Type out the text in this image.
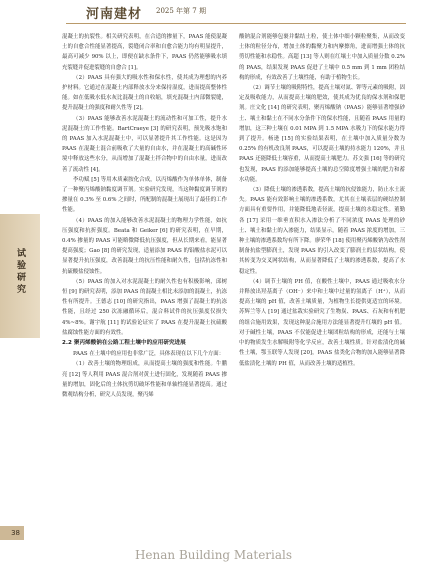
河南建材 2025 年第 7 期
试验研究

混凝土的抗裂性。相关研究表明，在合适的掺量下，PAAS 能使混凝土的自愈合性能显著提高，裂缝闭合率和自愈合能力均有明显提升，最高可减少 90% 以上，即便在缺水条件下，PAAS 仍然能够吸水填充裂缝并促进裂缝的自愈合 [1]。

（2）PAAS 具有强大的吸水性和保水性，使其成为理想的内养护材料。它通过在混凝土内部释放水分来保持湿度，进而提高整体性能。如在低吸水低水灰比混凝土的自收缩，填充混凝土内部微裂缝，提升混凝土的强度和耐久性等 [2]。

（3）PAAS 能够改善水泥混凝土的流动性和可加工性，提升水泥混凝土的工作性能。BartCraeye [3] 的研究表明，预先吸水饱和的 PAAS 加入水泥混凝土中，可以显著提升其工作性能。这是因为 PAAS 在混凝土混合前吸收了大量的自由水，并在混凝土的高碱性环境中释放这些水分，从而增加了混凝土拌合物中的自由水量，进而改善了流动性 [4]。

李功赋 [5] 等用木质素胺化合成，以丙烯酸作为单体单体，制备了一种聚丙烯酸钠黏度调节剂。实验研究发现，当这种黏度调节剂的掺量在 0.3% 至 0.6% 之间时，所配制的混凝土展现出了最佳的工作性能。

（4）PAAS 的加入能够改善水泥混凝土的物理力学性能，如抗压强度和抗折强度。Beata 和 Geiker [6] 的研究表明，在早期，0.4% 掺量的 PAAS 可能略微降低抗压强度，但从长期来看，能显著提高强度；Gao [8] 的研究发现，适量添加 PAAS 的铝酸盐水泥可以显著提升抗压强度，改善混凝土的抗压性能和耐久性，包括抗冻性和抗硫酸盐侵蚀性。

（5）PAAS 的加入对水泥混凝土的耐久性也有积极影响，邱树恒 [9] 的研究表明，添加 PAAS 的混凝土相比未添加的混凝土，抗冻性有所提升。王德志 [10] 的研究指出，PAAS 增强了混凝土的抗冻性能，且经过 250 次冻融循环后，混合料试件的抗压强度仅损失 4%~8%。谢宇航 [11] 的试验论证实了 PAAS 在提升混凝土抗硫酸盐腐蚀性能方面的有效性。

2.2 聚丙烯酸钠在公路工程土壤中的应用研究进展

PAAS 在土壤中的应用也非常广泛，具体表现在以下几个方面：

（1）改善土壤的物理组成，从而提高土壤的强度和性能。牛鹏亮 [12] 等人利用 PAAS 混合剂对黄土进行固化，发现随着 PAAS 掺量的增加，固化后的土体抗剪切破坏性能和单轴性能显著提高。通过微观结构分析，研究人员发现，聚丙烯

酸钠混合剂能够包裹并黏结土粒，使土体中细小颗粒聚集，从而改变土体的粒径分布，增加土体的黏聚力和内摩擦角，进而增强土体的抗剪切性能和水稳性。高超 [13] 等人则在红壤土中加入质量分数 0.2% 的 PAAS，结果发现 PAAS 促进了土壤中 0.5 mm 到 1 mm 团粒结构的形成，有效改善了土壤性能，有助于植物生长。

（2）调节土壤的吸附特性，提高土壤对氮、钾等元素的吸附，固定及吸收能力，从而提高土壤的肥效，使其成为优良的保水剂和保肥剂。庄文化 [14] 的研究表明，聚丙烯酸钠（PAAS）能够显著增强砂土、壤土和黏土在不同水分条件下的保水性能，且随着 PAAS 用量的增加，这三种土壤在 0.01 MPA 到 1.5 MPA 水吸力下的保水能力得到了提升。杨逊 [15] 的实验结果表明，在土壤中加入质量分数为 0.25% 的有机改良剂 PAAS，可以提高土壤的持水能力 120%，并且 PAAS 还能降低土壤容重，从而提高土壤肥力。苏文强 [16] 等的研究也发现，PAAS 的添加能够提高土壤的总空隙度增强土壤的肥力和蓄水功能。

（3）降低土壤的渗透系数，提高土壤的抗侵蚀能力，防止水土流失。PAAS 能有效影响土壤的渗透系数，尤其在土壤表层的硬结控制方面具有重要作用，并能降低地表径流，提高土壤的水稳定性。董勤各 [17] 采用一维垂直积水入渗法分析了不同浓度 PAAS 处理的砂土、壤土和黏土的入渗能力，结果显示，随着 PAAS 浓度的增加，三种土壤的渗透系数均有所下降。廖荣华 [18] 使用聚丙烯酸钠为改性剂制备抗盐型膨润土，发现 PAAS 的引入改变了膨润土的层状结构，使其转变为交叉网状结构，从而显著降低了土壤的渗透系数，提高了水稳定性。

（4）调节土壤的 PH 值，在酸性土壤中，PAAS 通过吸收水分并释放出羟基离子（OH⁻）来中和土壤中过量的氢离子（H⁺），从而提高土壤的 pH 值，改善土壤质量，为植物生长提供更适宜的环境。苏辉兰等人 [19] 通过盆栽实验研究了生物炭、PAAS、石灰和有机肥的组合施用效果，发现这种混合施用方法能显著提升红壤的 pH 值。对于碱性土壤，PAAS 不仅能促进土壤团粒结构的形成，还能与土壤中的物质发生水解吸附等化学反应，改善土壤性质。针对盐渍化的碱性土壤，鄂玉联等人发现 [20]，PAAS 盐类化合物的加入能够显著降低盐渍化土壤的 PH 值，从而改善土壤的适植性。

38
Henan Building Materials
